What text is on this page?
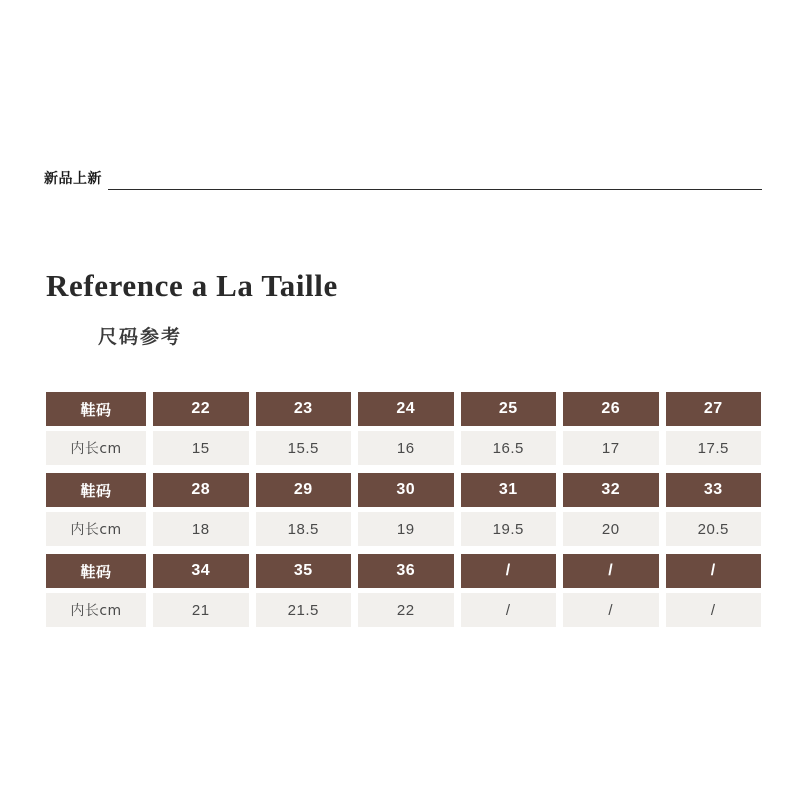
新品上新
Reference a La Taille
尺码参考
鞋码	22	23	24	25	26	27
内长cm	15	15.5	16	16.5	17	17.5
鞋码	28	29	30	31	32	33
内长cm	18	18.5	19	19.5	20	20.5
鞋码	34	35	36	/	/	/
内长cm	21	21.5	22	/	/	/
